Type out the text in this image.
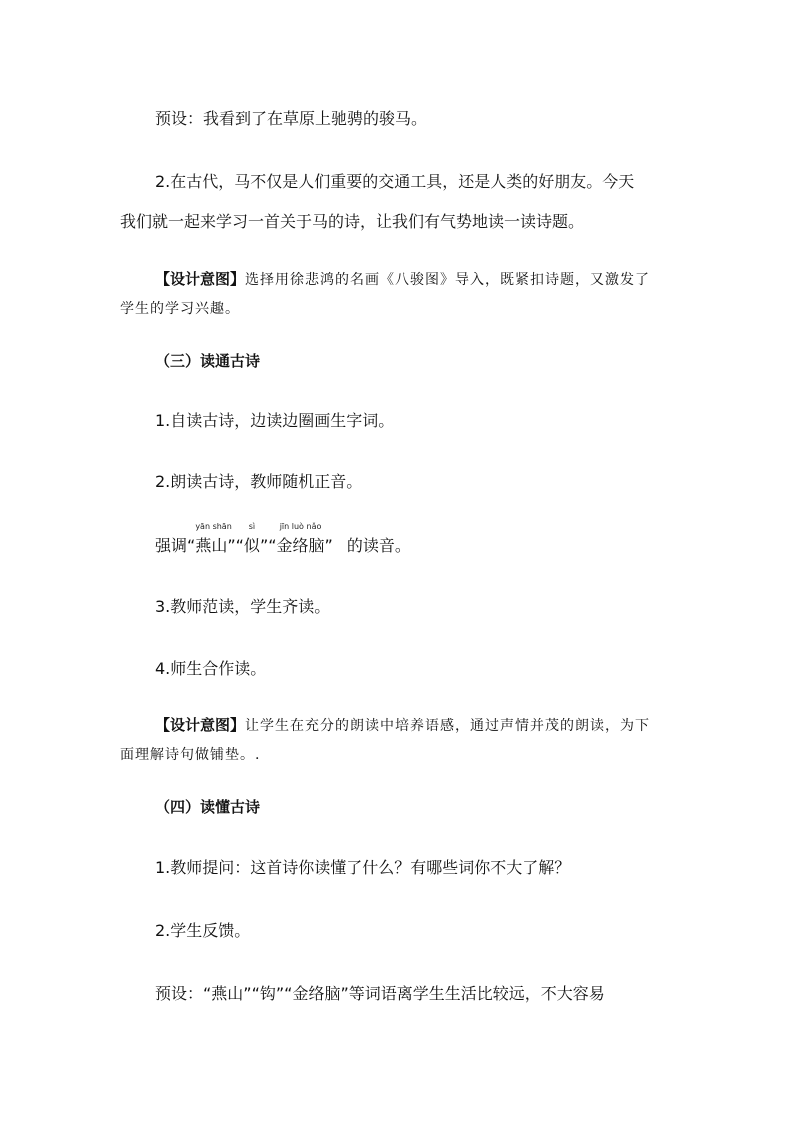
预设：我看到了在草原上驰骋的骏马。
2.在古代，马不仅是人们重要的交通工具，还是人类的好朋友。今天
我们就一起来学习一首关于马的诗，让我们有气势地读一读诗题。
【设计意图】选择用徐悲鸿的名画《八骏图》导入，既紧扣诗题，又激发了
学生的学习兴趣。
（三）读通古诗
1.自读古诗，边读边圈画生字词。
2.朗读古诗，教师随机正音。
强调“
yān shān
燕山”“
sì
似”“
jīn luò nǎo
金络脑” 的读音。
3.教师范读，学生齐读。
4.师生合作读。
【设计意图】让学生在充分的朗读中培养语感，通过声情并茂的朗读，为下
面理解诗句做铺垫。.
（四）读懂古诗
1.教师提问：这首诗你读懂了什么？有哪些词你不大了解？
2.学生反馈。
预设：“燕山”“钩”“金络脑”等词语离学生生活比较远，不大容易
